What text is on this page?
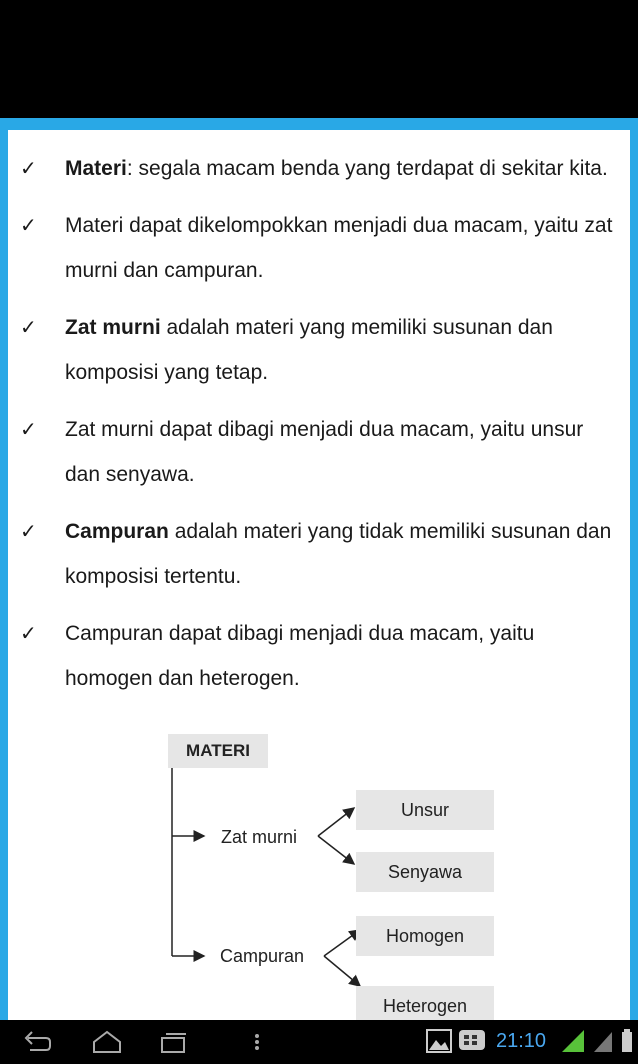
✓ Materi: segala macam benda yang terdapat di sekitar kita.
✓ Materi dapat dikelompokkan menjadi dua macam, yaitu zat murni dan campuran.
✓ Zat murni adalah materi yang memiliki susunan dan komposisi yang tetap.
✓ Zat murni dapat dibagi menjadi dua macam, yaitu unsur dan senyawa.
✓ Campuran adalah materi yang tidak memiliki susunan dan komposisi tertentu.
✓ Campuran dapat dibagi menjadi dua macam, yaitu homogen dan heterogen.
MATERI
Zat murni
Unsur
Senyawa
Campuran
Homogen
Heterogen
21:10
